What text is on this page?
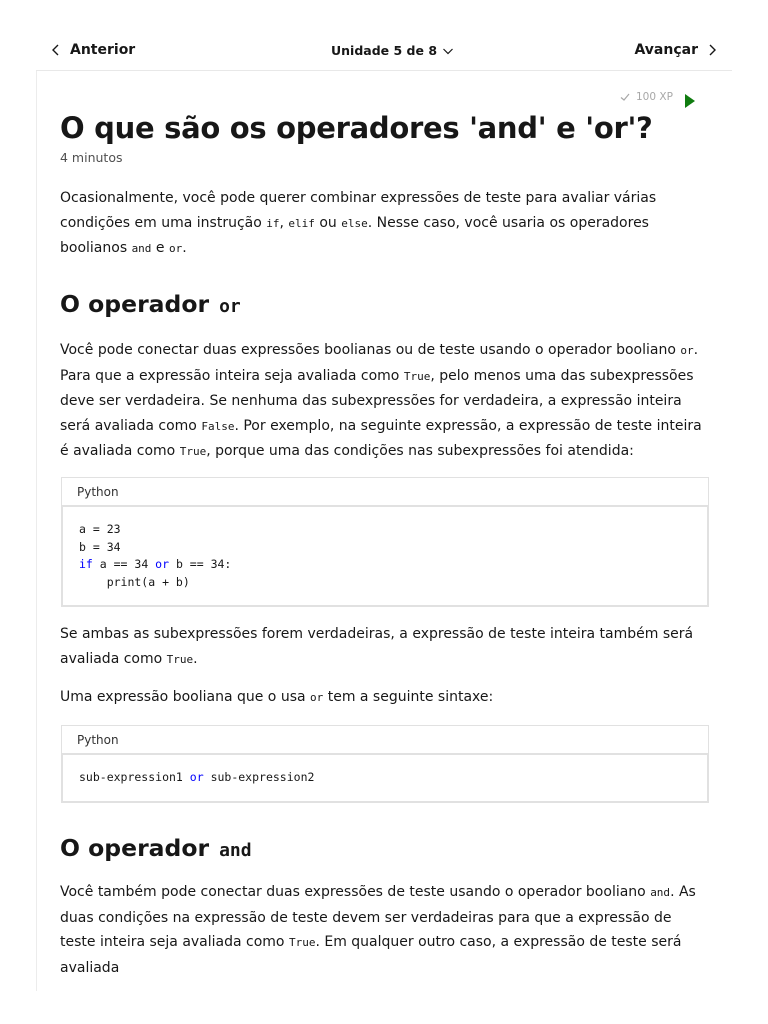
Anterior	Unidade 5 de 8	Avançar
100 XP
O que são os operadores 'and' e 'or'?
4 minutos

Ocasionalmente, você pode querer combinar expressões de teste para avaliar várias condições em uma instrução if, elif ou else. Nesse caso, você usaria os operadores boolianos and e or.

O operador or

Você pode conectar duas expressões boolianas ou de teste usando o operador booliano or. Para que a expressão inteira seja avaliada como True, pelo menos uma das subexpressões deve ser verdadeira. Se nenhuma das subexpressões for verdadeira, a expressão inteira será avaliada como False. Por exemplo, na seguinte expressão, a expressão de teste inteira é avaliada como True, porque uma das condições nas subexpressões foi atendida:

Python
a = 23
b = 34
if a == 34 or b == 34:
print(a + b)

Se ambas as subexpressões forem verdadeiras, a expressão de teste inteira também será avaliada como True.

Uma expressão booliana que o usa or tem a seguinte sintaxe:

Python
sub-expression1 or sub-expression2
O operador and

Você também pode conectar duas expressões de teste usando o operador booliano and. As duas condições na expressão de teste devem ser verdadeiras para que a expressão de teste inteira seja avaliada como True. Em qualquer outro caso, a expressão de teste será avaliada
